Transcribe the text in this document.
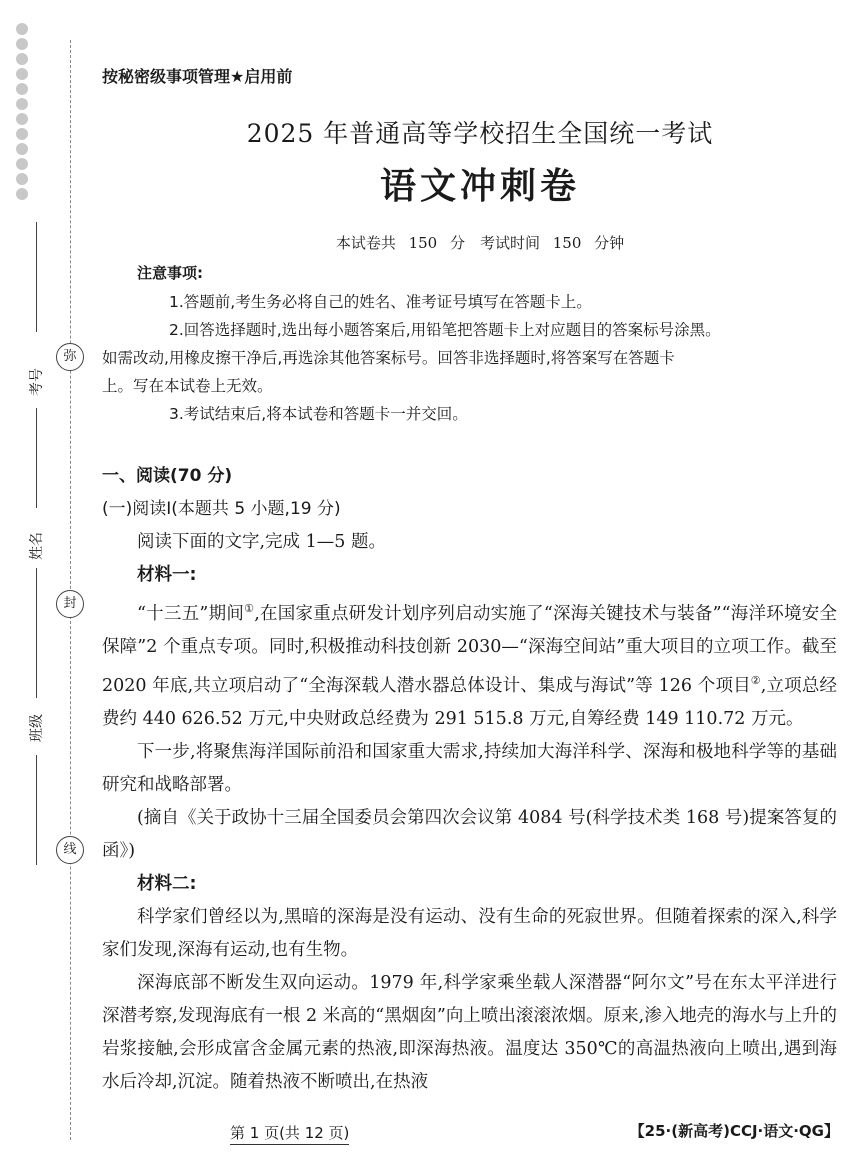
考号
姓名
班级
弥
封
线
按秘密级事项管理★启用前
2025 年普通高等学校招生全国统一考试
语文冲刺卷
本试卷共 150 分　考试时间 150 分钟
注意事项:

1.答题前,考生务必将自己的姓名、准考证号填写在答题卡上。

2.回答选择题时,选出每小题答案后,用铅笔把答题卡上对应题目的答案标号涂黑。

如需改动,用橡皮擦干净后,再选涂其他答案标号。回答非选择题时,将答案写在答题卡

上。写在本试卷上无效。

3.考试结束后,将本试卷和答题卡一并交回。

一、阅读(70 分)

(一)阅读Ⅰ(本题共 5 小题,19 分)

阅读下面的文字,完成 1—5 题。

材料一:

“十三五”期间①,在国家重点研发计划序列启动实施了“深海关键技术与装备”“海洋环境安全保障”2 个重点专项。同时,积极推动科技创新 2030—“深海空间站”重大项目的立项工作。截至 2020 年底,共立项启动了“全海深载人潜水器总体设计、集成与海试”等 126 个项目②,立项总经费约 440 626.52 万元,中央财政总经费为 291 515.8 万元,自筹经费 149 110.72 万元。

下一步,将聚焦海洋国际前沿和国家重大需求,持续加大海洋科学、深海和极地科学等的基础研究和战略部署。

(摘自《关于政协十三届全国委员会第四次会议第 4084 号(科学技术类 168 号)提案答复的函》)

材料二:

科学家们曾经以为,黑暗的深海是没有运动、没有生命的死寂世界。但随着探索的深入,科学家们发现,深海有运动,也有生物。

深海底部不断发生双向运动。1979 年,科学家乘坐载人深潜器“阿尔文”号在东太平洋进行深潜考察,发现海底有一根 2 米高的“黑烟囱”向上喷出滚滚浓烟。原来,渗入地壳的海水与上升的岩浆接触,会形成富含金属元素的热液,即深海热液。温度达 350℃的高温热液向上喷出,遇到海水后冷却,沉淀。随着热液不断喷出,在热液

第 1 页(共 12 页)	【25·(新高考)CCJ·语文·QG】
